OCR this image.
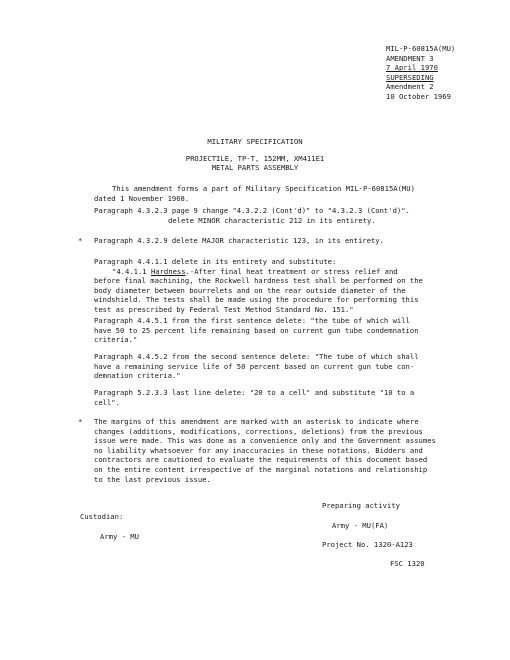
MIL-P-60815A(MU)
AMENDMENT 3
7 April 1970
SUPERSEDING
Amendment 2
10 October 1969
MILITARY SPECIFICATION
PROJECTILE, TP-T, 152MM, XM411E1
METAL PARTS ASSEMBLY
This amendment forms a part of Military Specification MIL-P-60815A(MU)
dated 1 November 1968.
Paragraph 4.3.2.3 page 9 change "4.3.2.2 (Cont'd)" to "4.3.2.3 (Cont'd)".
delete MINOR characteristic 212 in its entirety.
* Paragraph 4.3.2.9 delete MAJOR characteristic 123, in its entirety.
Paragraph 4.4.1.1 delete in its entirety and substitute:
"4.4.1.1 Hardness.-After final heat treatment or stress relief and
before final machining, the Rockwell hardness test shall be performed on the
body diameter between bourrelets and on the rear outside diameter of the
windshield. The tests shall be made using the procedure for performing this
test as prescribed by Federal Test Method Standard No. 151."
Paragraph 4.4.5.1 from the first sentence delete: "the tube of which will
have 50 to 25 percent life remaining based on current gun tube condemnation
criteria."
Paragraph 4.4.5.2 from the second sentence delete: "The tube of which shall
have a remaining service life of 50 percent based on current gun tube con-
demnation criteria."
Paragraph 5.2.3.3 last line delete: "20 to a cell" and substitute "10 to a
cell".
* The margins of this amendment are marked with an asterisk to indicate where
changes (additions, modifications, corrections, deletions) from the previous
issue were made. This was done as a convenience only and the Government assumes
no liability whatsoever for any inaccuracies in these notations. Bidders and
contractors are cautioned to evaluate the requirements of this document based
on the entire content irrespective of the marginal notations and relationship
to the last previous issue.
Preparing activity
Custodian:
Army - MU(FA)
Army - MU
Project No. 1320-A123
FSC 1320
